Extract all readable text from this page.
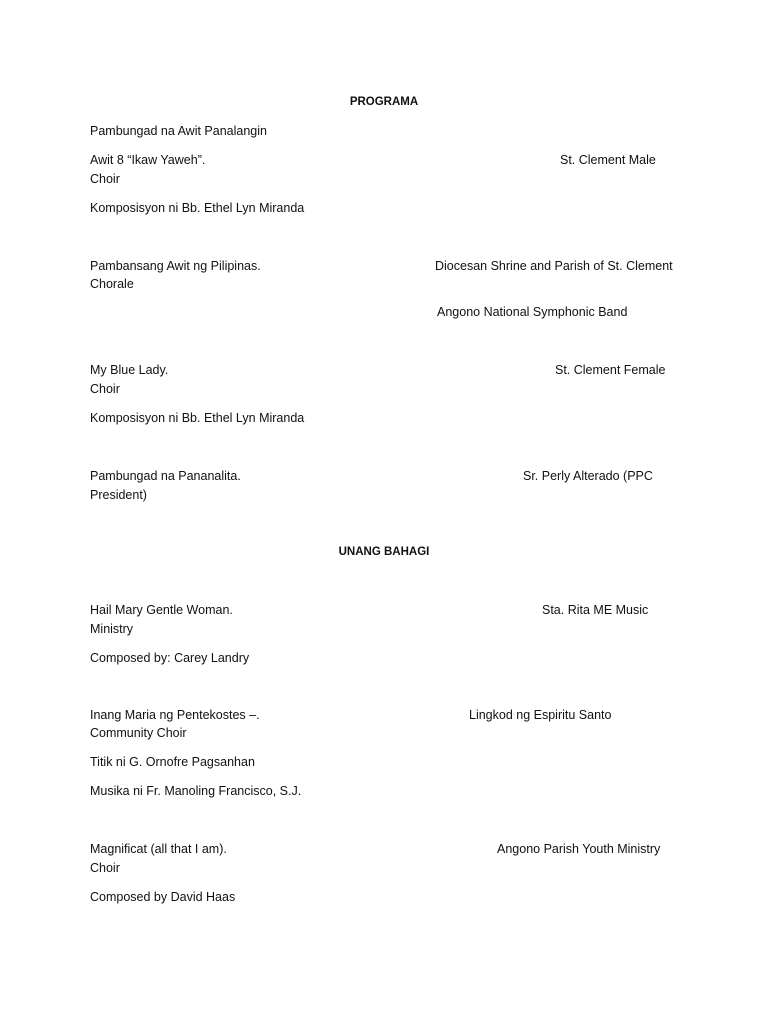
PROGRAMA
Pambungad na Awit Panalangin
Awit 8 “Ikaw Yaweh”.	St. Clement Male
Choir
Komposisyon ni Bb. Ethel Lyn Miranda
Pambansang Awit ng Pilipinas.	Diocesan Shrine and Parish of St. Clement
Chorale
Angono National Symphonic Band
My Blue Lady.	St. Clement Female
Choir
Komposisyon ni Bb. Ethel Lyn Miranda
Pambungad na Pananalita.	Sr. Perly Alterado (PPC
President)
UNANG BAHAGI
Hail Mary Gentle Woman.	Sta. Rita ME Music
Ministry
Composed by: Carey Landry
Inang Maria ng Pentekostes –.	Lingkod ng Espiritu Santo
Community Choir
Titik ni G. Ornofre Pagsanhan
Musika ni Fr. Manoling Francisco, S.J.
Magnificat (all that I am).	Angono Parish Youth Ministry
Choir
Composed by David Haas
